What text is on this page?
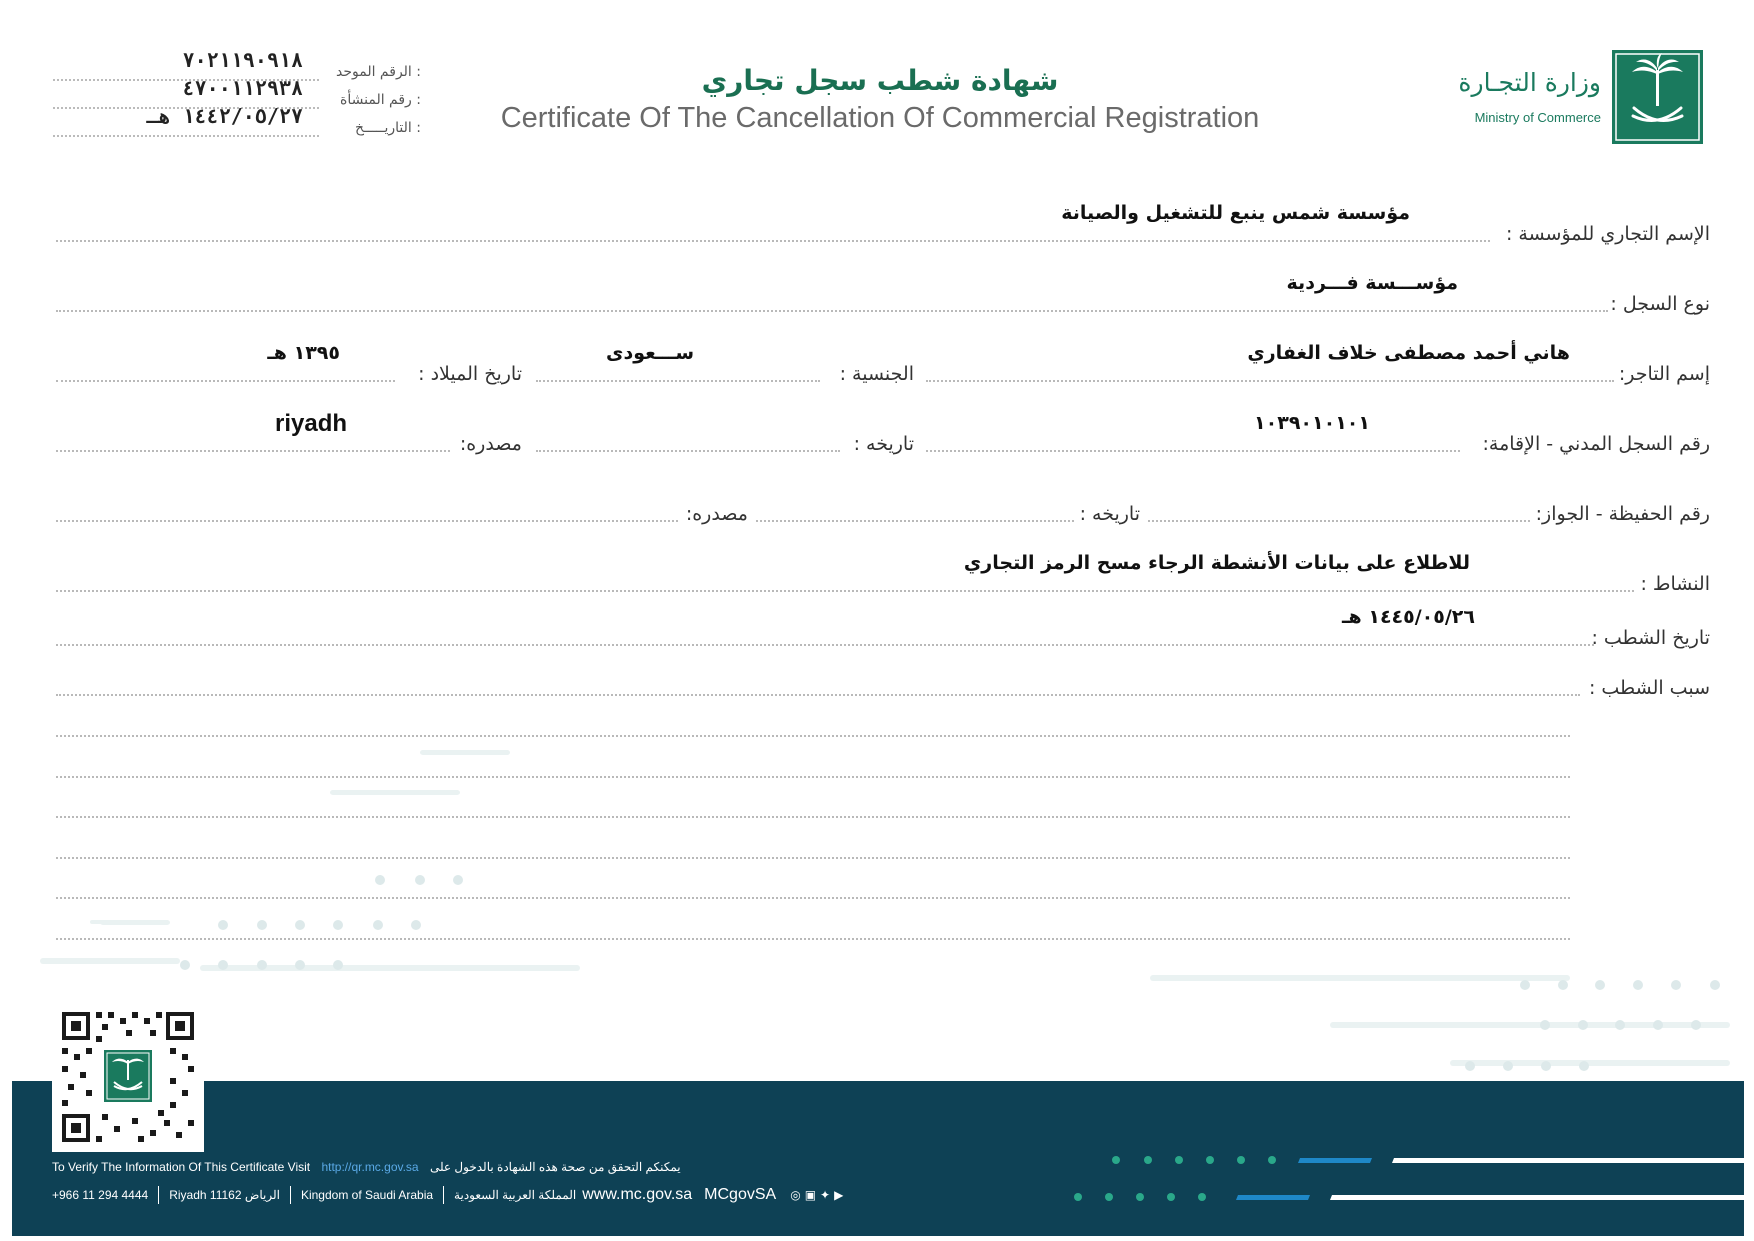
وزارة التجـارة
Ministry of Commerce
شهادة شطب سجل تجاري
Certificate Of The Cancellation Of Commercial Registration
الرقم الموحد :
٧٠٢١١٩٠٩١٨
رقم المنشأة :
٤٧٠٠١١٢٩٣٨
التاريـــــخ :
١٤٤٢/٠٥/٢٧ هـ
الإسم التجاري للمؤسسة :
مؤسسة شمس ينبع للتشغيل والصيانة
نوع السجل :
مؤســـسة فـــردية
إسم التاجر:
هاني أحمد مصطفى خلاف الغفاري
الجنسية :
ســـعودى
تاريخ الميلاد :
١٣٩٥ هـ
رقم السجل المدني - الإقامة:
١٠٣٩٠١٠١٠١
تاريخه :
مصدره:
riyadh
رقم الحفيظة - الجواز:
تاريخه :
مصدره:
النشاط :
للاطلاع على بيانات الأنشطة الرجاء مسح الرمز التجاري
تاريخ الشطب :
١٤٤٥/٠٥/٢٦ هـ
سبب الشطب :
To Verify The Information Of This Certificate Visit http://qr.mc.gov.sa يمكنكم التحقق من صحة هذه الشهادة بالدخول على
+966 11 294 4444 Riyadh 11162 الرياض Kingdom of Saudi Arabia المملكة العربية السعودية www.mc.gov.sa MCgovSA ◎ ▣ ✦ ▶
